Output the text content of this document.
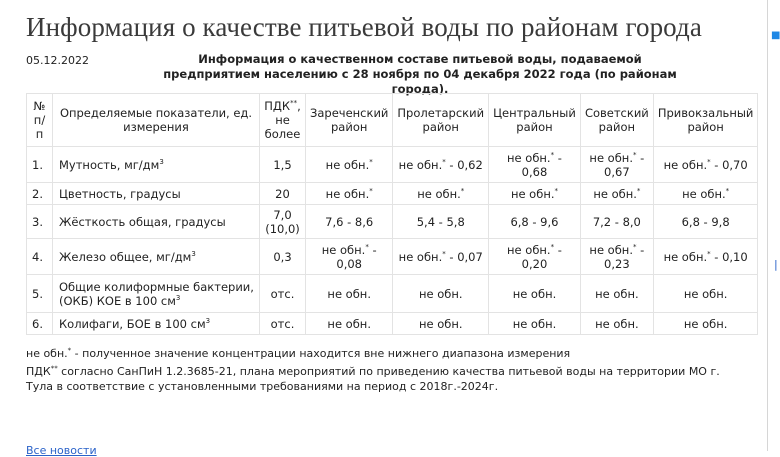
Информация о качестве питьевой воды по районам города
05.12.2022	Информация о качественном составе питьевой воды, подаваемой
предприятием населению с 28 ноября по 04 декабря 2022 года (по районам города).
№ п/п	Определяемые показатели, ед. измерения	ПДК**, не более	Зареченский район	Пролетарский район	Центральный район	Советский район	Привокзальный район
1.	Мутность, $мг/дм^3$	1,5	не обн.*	не обн.* - 0,62	не обн.* - 0,68	не обн.* - 0,67	не обн.* - 0,70
2.	Цветность, градусы	20	не обн.*	не обн.*	не обн.*	не обн.*	не обн.*
3.	Жёсткость общая, градусы	7,0 (10,0)	7,6 - 8,6	5,4 - 5,8	6,8 - 9,6	7,2 - 8,0	6,8 - 9,8
4.	Железо общее, $мг/дм^3$	0,3	не обн.* - 0,08	не обн.* - 0,07	не обн.* - 0,20	не обн.* - 0,23	не обн.* - 0,10
5.	Общие колиформные бактерии, (ОКБ) КОЕ в 100 $см^3$	отс.	не обн.	не обн.	не обн.	не обн.	не обн.
6.	Колифаги, БОЕ в 100 $см^3$	отс.	не обн.	не обн.	не обн.	не обн.	не обн.

не обн.* - полученное значение концентрации находится вне нижнего диапазона измерения

ПДК** согласно СанПиН 1.2.3685-21, плана мероприятий по приведению качества питьевой воды на территории МО г.
Тула в соответствие с установленными требованиями на период с 2018г.-2024г.

Все новости
■
|
